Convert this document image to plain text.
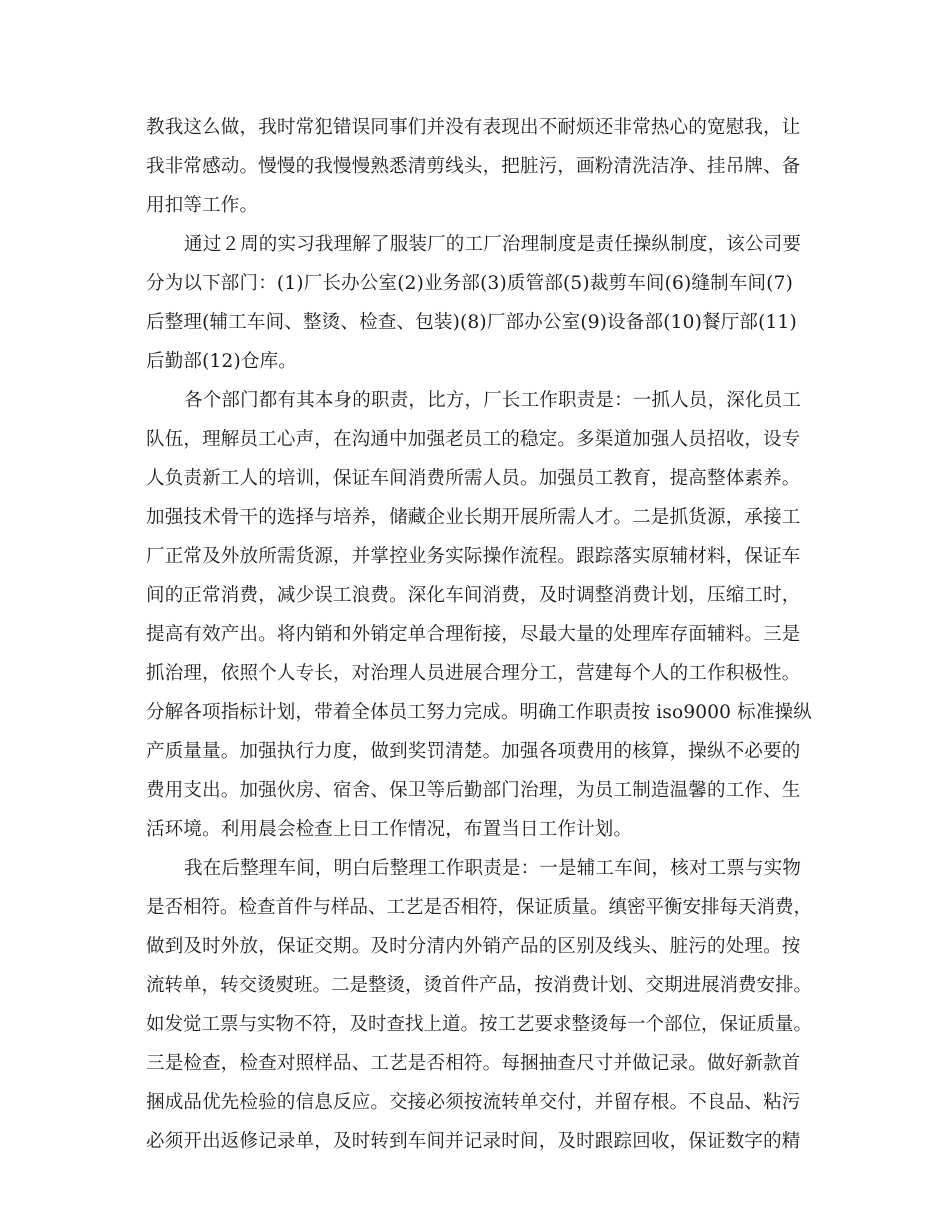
教我这么做，我时常犯错误同事们并没有表现出不耐烦还非常热心的宽慰我，让
我非常感动。慢慢的我慢慢熟悉清剪线头，把脏污，画粉清洗洁净、挂吊牌、备
用扣等工作。
通过２周的实习我理解了服装厂的工厂治理制度是责任操纵制度，该公司要
分为以下部门：(1)厂长办公室(2)业务部(3)质管部(5)裁剪车间(6)缝制车间(7)
后整理(辅工车间、整烫、检查、包装)(8)厂部办公室(9)设备部(10)餐厅部(11)
后勤部(12)仓库。
各个部门都有其本身的职责，比方，厂长工作职责是：一抓人员，深化员工
队伍，理解员工心声，在沟通中加强老员工的稳定。多渠道加强人员招收，设专
人负责新工人的培训，保证车间消费所需人员。加强员工教育，提高整体素养。
加强技术骨干的选择与培养，储藏企业长期开展所需人才。二是抓货源，承接工
厂正常及外放所需货源，并掌控业务实际操作流程。跟踪落实原辅材料，保证车
间的正常消费，减少误工浪费。深化车间消费，及时调整消费计划，压缩工时，
提高有效产出。将内销和外销定单合理衔接，尽最大量的处理库存面辅料。三是
抓治理，依照个人专长，对治理人员进展合理分工，营建每个人的工作积极性。
分解各项指标计划，带着全体员工努力完成。明确工作职责按 iso9000 标准操纵
产质量量。加强执行力度，做到奖罚清楚。加强各项费用的核算，操纵不必要的
费用支出。加强伙房、宿舍、保卫等后勤部门治理，为员工制造温馨的工作、生
活环境。利用晨会检查上日工作情况，布置当日工作计划。
我在后整理车间，明白后整理工作职责是：一是辅工车间，核对工票与实物
是否相符。检查首件与样品、工艺是否相符，保证质量。缜密平衡安排每天消费，
做到及时外放，保证交期。及时分清内外销产品的区别及线头、脏污的处理。按
流转单，转交烫熨班。二是整烫，烫首件产品，按消费计划、交期进展消费安排。
如发觉工票与实物不符，及时查找上道。按工艺要求整烫每一个部位，保证质量。
三是检查，检查对照样品、工艺是否相符。每捆抽查尺寸并做记录。做好新款首
捆成品优先检验的信息反应。交接必须按流转单交付，并留存根。不良品、粘污
必须开出返修记录单，及时转到车间并记录时间，及时跟踪回收，保证数字的精
